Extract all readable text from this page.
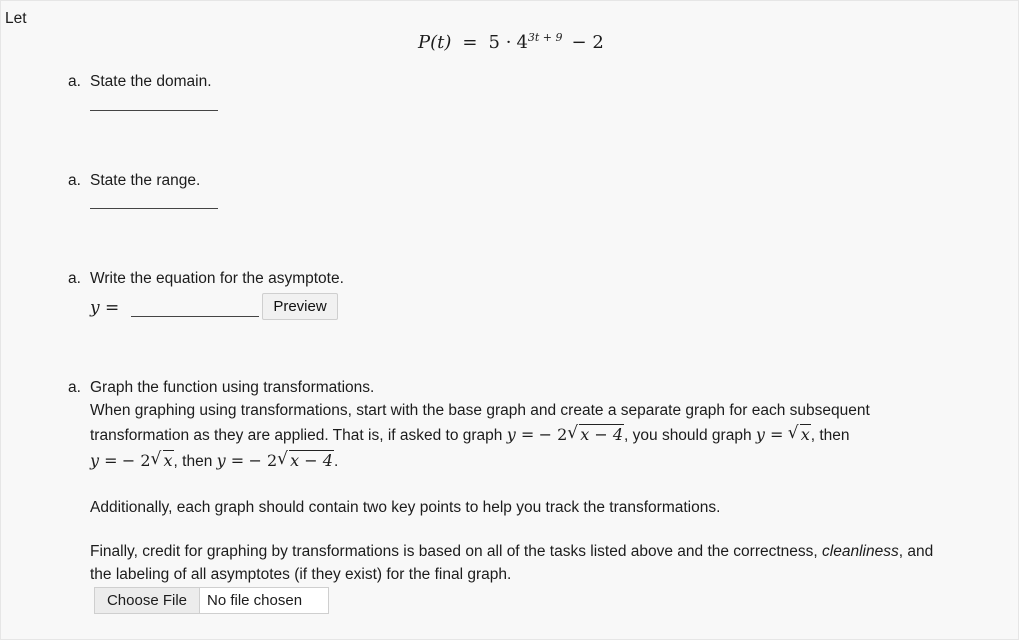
Let
$P(t) = 5 \cdot 4^{3t + 9} - 2$
a. State the domain.
a. State the range.
a. Write the equation for the asymptote.
y =	Preview
a. Graph the function using transformations.
When graphing using transformations, start with the base graph and create a separate graph for each subsequent
transformation as they are applied. That is, if asked to graph y = − 2 √ x − 4, you should graph y = √ x, then
y = − 2 √ x, then y = − 2 √ x − 4.
Additionally, each graph should contain two key points to help you track the transformations.
Finally, credit for graphing by transformations is based on all of the tasks listed above and the correctness, cleanliness, and
the labeling of all asymptotes (if they exist) for the final graph.
Choose File	No file chosen
